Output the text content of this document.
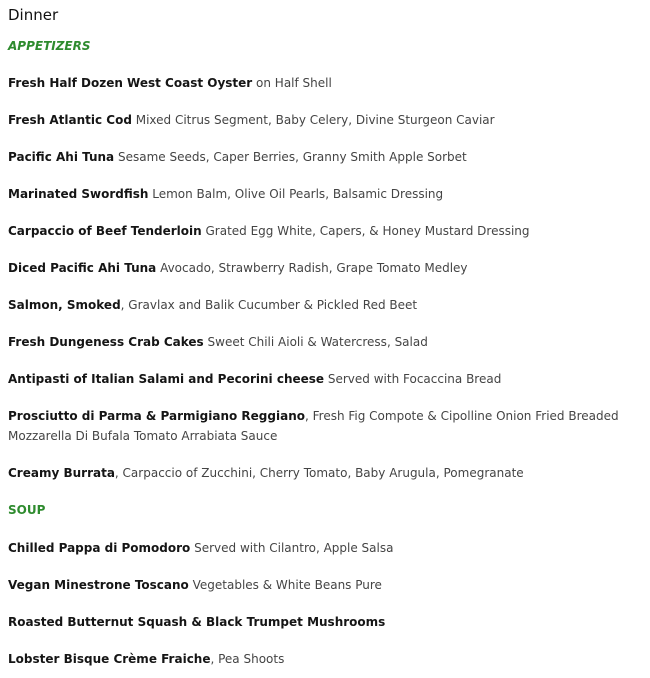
Dinner
APPETIZERS
Fresh Half Dozen West Coast Oyster on Half Shell
Fresh Atlantic Cod Mixed Citrus Segment, Baby Celery, Divine Sturgeon Caviar
Pacific Ahi Tuna Sesame Seeds, Caper Berries, Granny Smith Apple Sorbet
Marinated Swordfish Lemon Balm, Olive Oil Pearls, Balsamic Dressing
Carpaccio of Beef Tenderloin Grated Egg White, Capers, & Honey Mustard Dressing
Diced Pacific Ahi Tuna Avocado, Strawberry Radish, Grape Tomato Medley
Salmon, Smoked, Gravlax and Balik Cucumber & Pickled Red Beet
Fresh Dungeness Crab Cakes Sweet Chili Aioli & Watercress, Salad
Antipasti of Italian Salami and Pecorini cheese Served with Focaccina Bread
Prosciutto di Parma & Parmigiano Reggiano, Fresh Fig Compote & Cipolline Onion Fried Breaded Mozzarella Di Bufala Tomato Arrabiata Sauce
Creamy Burrata, Carpaccio of Zucchini, Cherry Tomato, Baby Arugula, Pomegranate
SOUP
Chilled Pappa di Pomodoro Served with Cilantro, Apple Salsa
Vegan Minestrone Toscano Vegetables & White Beans Pure
Roasted Butternut Squash & Black Trumpet Mushrooms
Lobster Bisque Crème Fraiche, Pea Shoots
